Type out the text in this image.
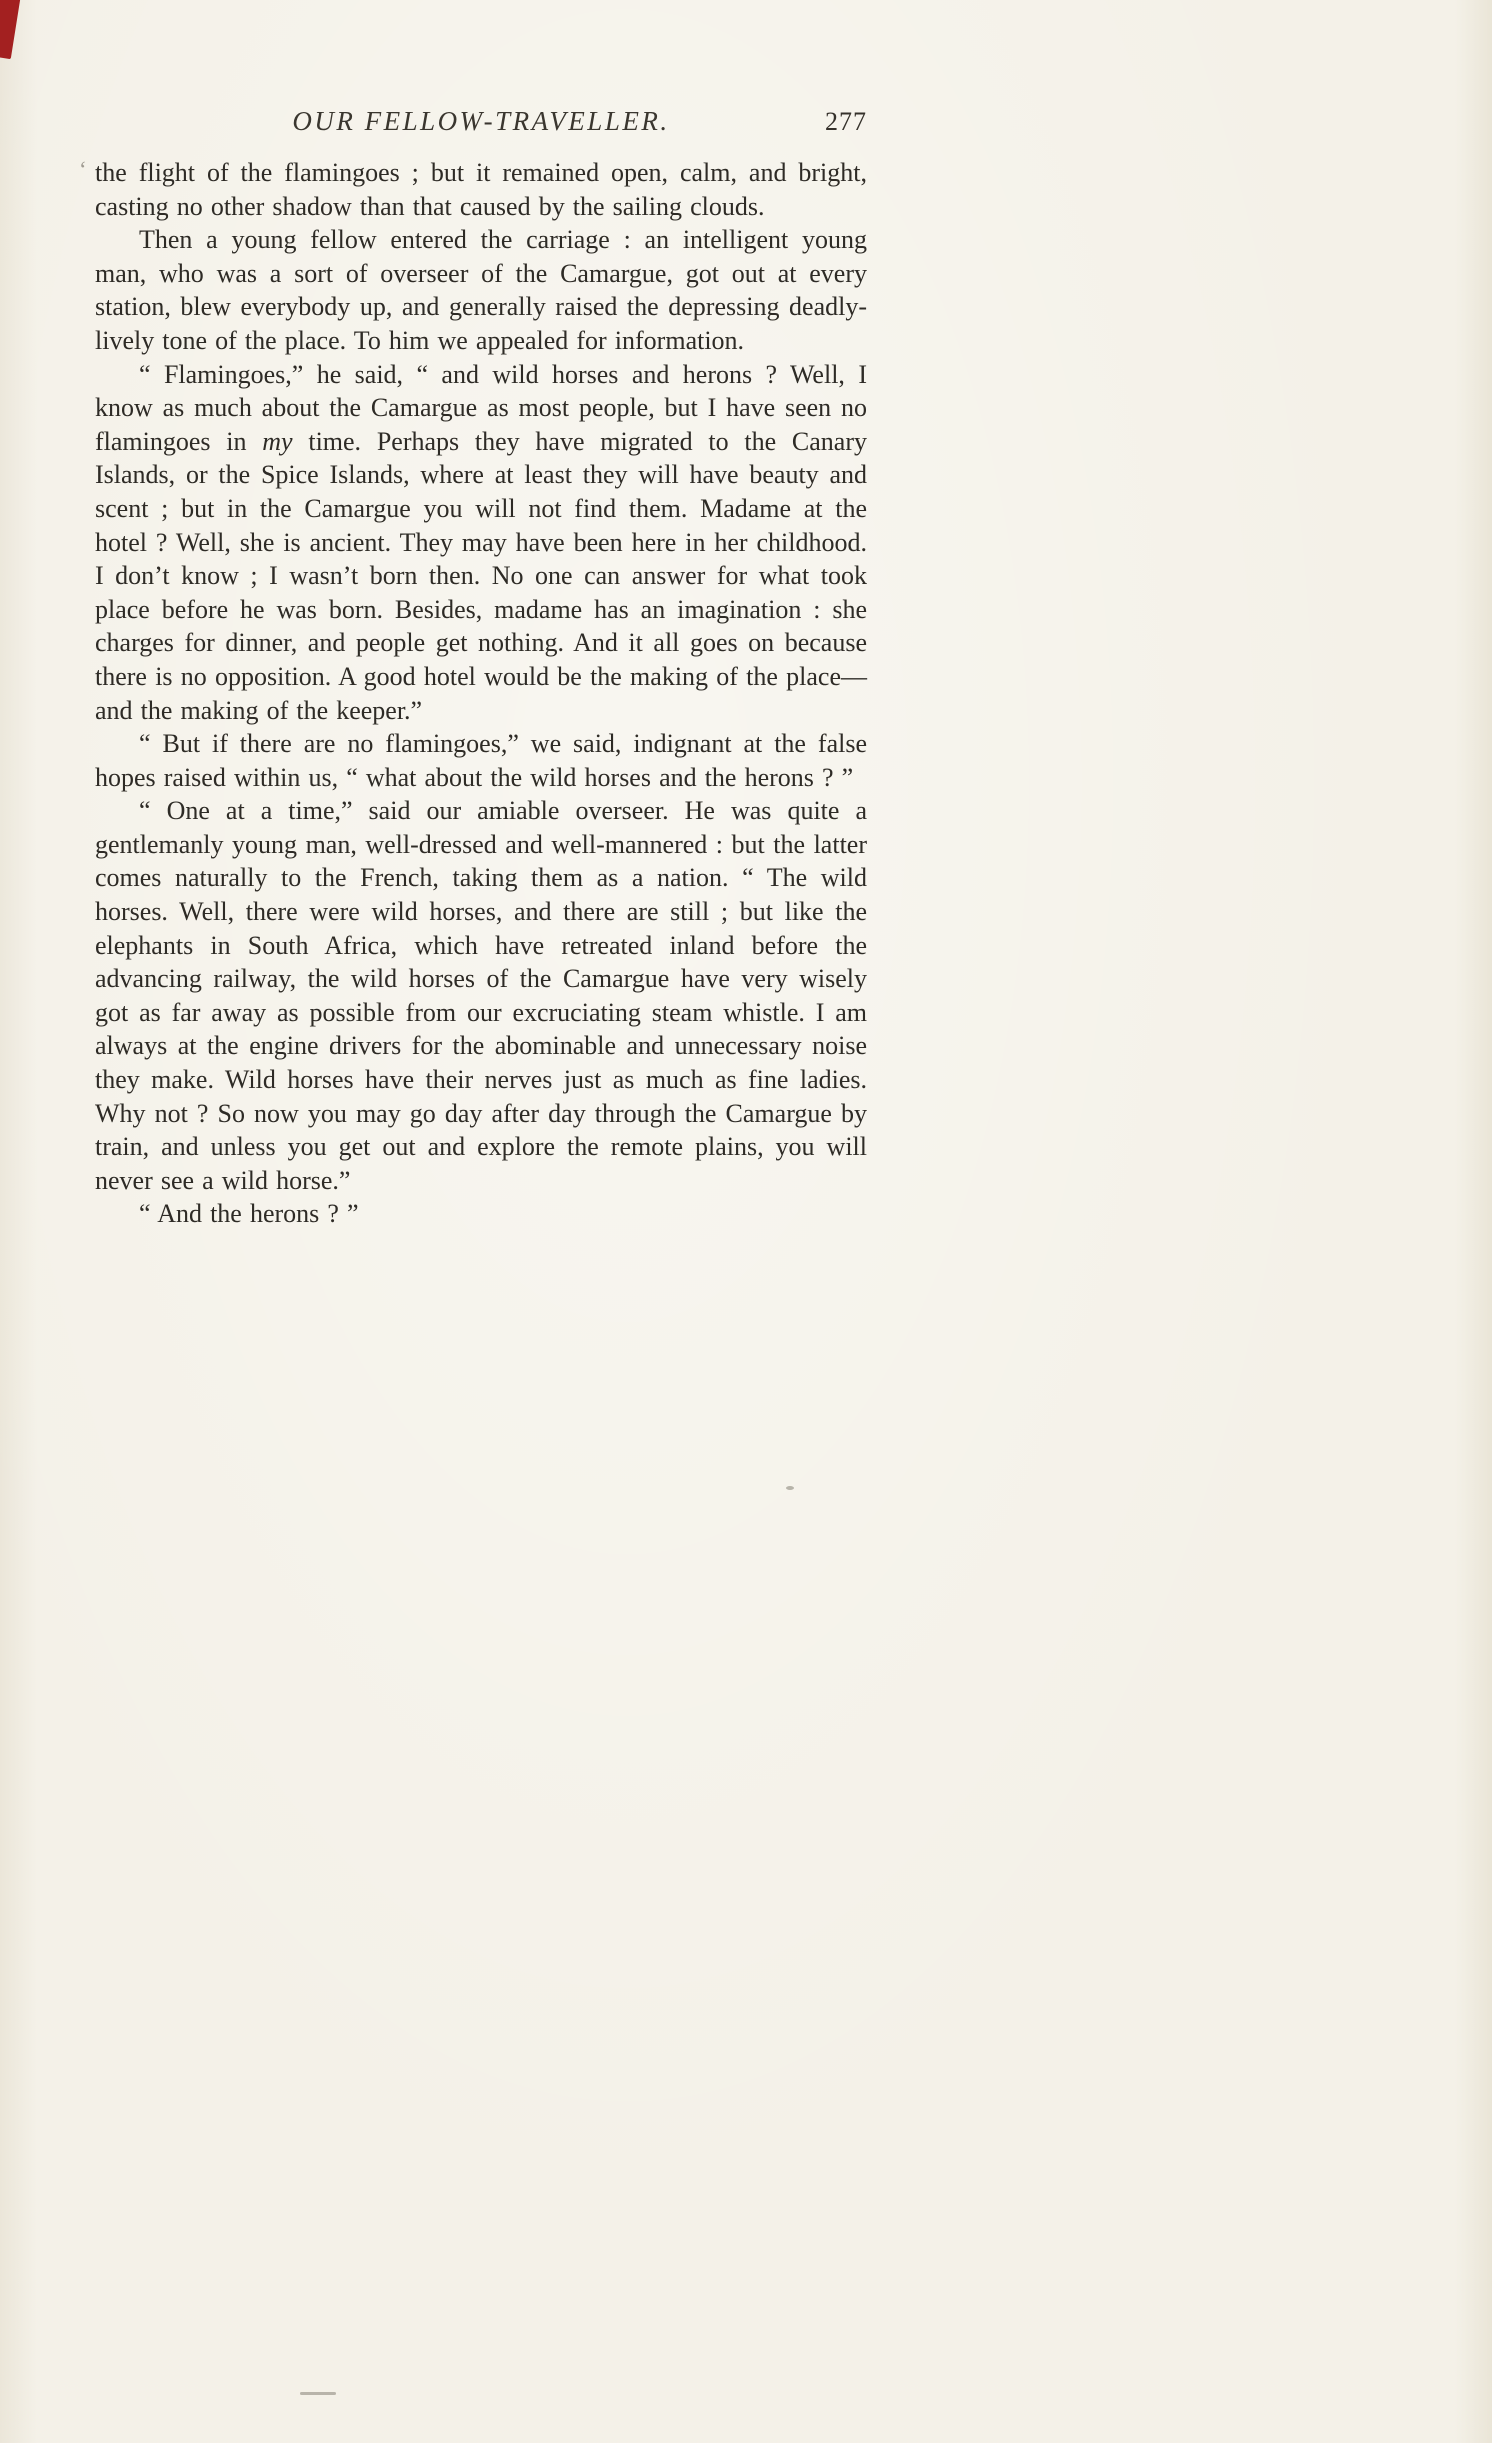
OUR FELLOW-TRAVELLER.	277

the flight of the flamingoes ; but it remained open, calm, and bright, casting no other shadow than that caused by the sailing clouds.

Then a young fellow entered the carriage : an intelligent young man, who was a sort of overseer of the Camargue, got out at every station, blew everybody up, and generally raised the depressing deadly-lively tone of the place. To him we appealed for information.

“ Flamingoes,” he said, “ and wild horses and herons ? Well, I know as much about the Camargue as most people, but I have seen no flamingoes in my time. Perhaps they have migrated to the Canary Islands, or the Spice Islands, where at least they will have beauty and scent ; but in the Camargue you will not find them. Madame at the hotel ? Well, she is ancient. They may have been here in her childhood. I don’t know ; I wasn’t born then. No one can answer for what took place before he was born. Besides, madame has an imagination : she charges for dinner, and people get nothing. And it all goes on because there is no opposition. A good hotel would be the making of the place—and the making of the keeper.”

“ But if there are no flamingoes,” we said, indignant at the false hopes raised within us, “ what about the wild horses and the herons ? ”

“ One at a time,” said our amiable overseer. He was quite a gentlemanly young man, well-dressed and well-mannered : but the latter comes naturally to the French, taking them as a nation. “ The wild horses. Well, there were wild horses, and there are still ; but like the elephants in South Africa, which have retreated inland before the advancing railway, the wild horses of the Camargue have very wisely got as far away as possible from our excruciating steam whistle. I am always at the engine drivers for the abominable and unnecessary noise they make. Wild horses have their nerves just as much as fine ladies. Why not ? So now you may go day after day through the Camargue by train, and unless you get out and explore the remote plains, you will never see a wild horse.”

“ And the herons ? ”

‘
